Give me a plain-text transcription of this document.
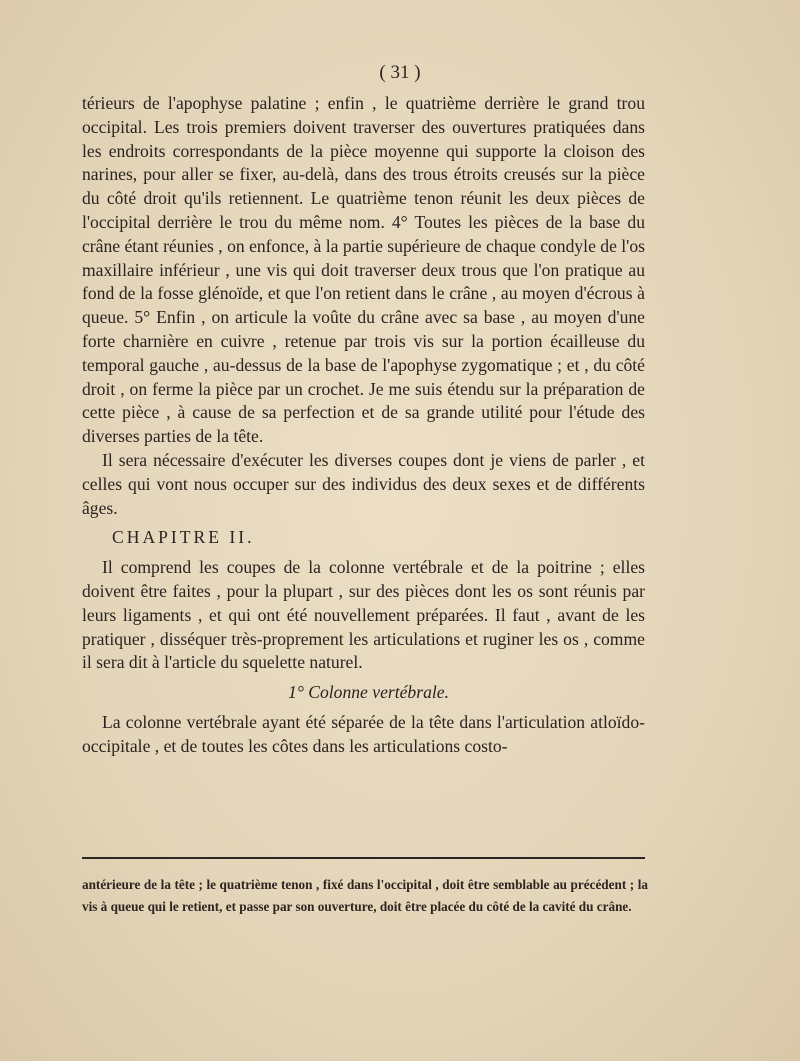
( 31 )

térieurs de l'apophyse palatine ; enfin , le quatrième derrière le grand trou occipital. Les trois premiers doivent traverser des ouvertures pratiquées dans les endroits correspondants de la pièce moyenne qui supporte la cloison des narines, pour aller se fixer, au-delà, dans des trous étroits creusés sur la pièce du côté droit qu'ils retiennent. Le quatrième tenon réunit les deux pièces de l'occipital derrière le trou du même nom. 4° Toutes les pièces de la base du crâne étant réunies , on enfonce, à la partie supérieure de chaque condyle de l'os maxillaire inférieur , une vis qui doit traverser deux trous que l'on pratique au fond de la fosse glénoïde, et que l'on retient dans le crâne , au moyen d'écrous à queue. 5° Enfin , on articule la voûte du crâne avec sa base , au moyen d'une forte charnière en cuivre , retenue par trois vis sur la portion écailleuse du temporal gauche , au-dessus de la base de l'apophyse zygomatique ; et , du côté droit , on ferme la pièce par un crochet. Je me suis étendu sur la préparation de cette pièce , à cause de sa perfection et de sa grande utilité pour l'étude des diverses parties de la tête.

Il sera nécessaire d'exécuter les diverses coupes dont je viens de parler , et celles qui vont nous occuper sur des individus des deux sexes et de différents âges.

CHAPITRE II.

Il comprend les coupes de la colonne vertébrale et de la poitrine ; elles doivent être faites , pour la plupart , sur des pièces dont les os sont réunis par leurs ligaments , et qui ont été nouvellement préparées. Il faut , avant de les pratiquer , disséquer très-proprement les articulations et ruginer les os , comme il sera dit à l'article du squelette naturel.

1° Colonne vertébrale.

La colonne vertébrale ayant été séparée de la tête dans l'articulation atloïdo-occipitale , et de toutes les côtes dans les articulations costo-

antérieure de la tête ; le quatrième tenon , fixé dans l'occipital , doit être semblable au précédent ; la vis à queue qui le retient, et passe par son ouverture, doit être placée du côté de la cavité du crâne.
